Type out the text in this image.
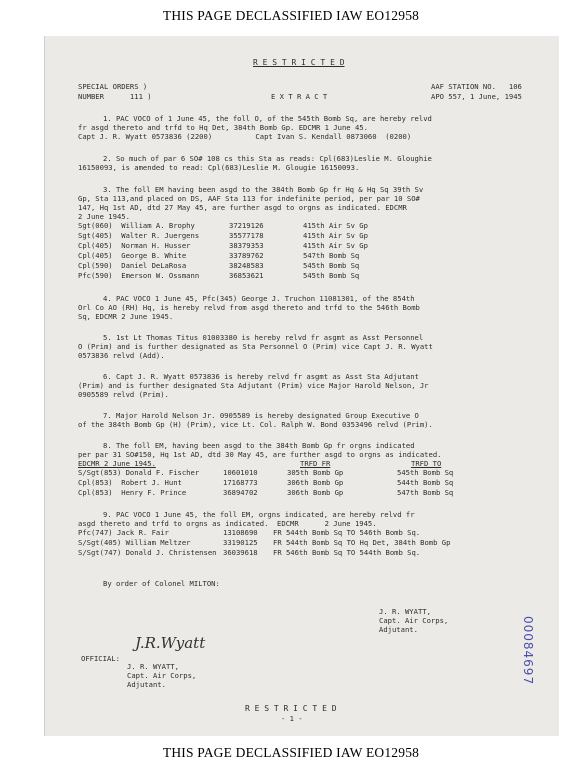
THIS PAGE DECLASSIFIED IAW EO12958
R E S T R I C T E D
SPECIAL ORDERS )	AAF STATION NO.   106
NUMBER      111 )	E X T R A C T	APO 557, 1 June, 1945
1. PAC VOCO of 1 June 45, the foll O, of the 545th Bomb Sq, are hereby relvd
fr asgd thereto and trfd to Hq Det, 384th Bomb Gp. EDCMR 1 June 45.
Capt J. R. Wyatt 0573836 (2200)          Capt Ivan S. Kendall 0873060  (0200)
2. So much of par 6 SO# 108 cs this Sta as reads: Cpl(683)Leslie M. Gloughie
16150093, is amended to read: Cpl(683)Leslie M. Glougie 16150093.
3. The foll EM having been asgd to the 384th Bomb Gp fr Hq & Hq Sq 39th Sv
Gp, Sta 113,and placed on DS, AAF Sta 113 for indefinite period, per par 10 SO#
147, Hq 1st AD, dtd 27 May 45, are further asgd to orgns as indicated. EDCMR
2 June 1945.
Sgt(060)  William A. Brophy	37219126	415th Air Sv Gp
Sgt(405)  Walter R. Juergens	35577178	415th Air Sv Gp
Cpl(405)  Norman H. Husser	38379353	415th Air Sv Gp
Cpl(405)  George B. White	33789762	547th Bomb Sq
Cpl(590)  Daniel DeLaRosa	38248583	545th Bomb Sq
Pfc(590)  Emerson W. Ossmann	36853621	545th Bomb Sq
4. PAC VOCO 1 June 45, Pfc(345) George J. Truchon 11081301, of the 854th
Orl Co AO (RH) Hq, is hereby relvd from asgd thereto and trfd to the 546th Bomb
Sq, EDCMR 2 June 1945.
5. 1st Lt Thomas Titus 01003380 is hereby relvd fr asgmt as Asst Personnel
O (Prim) and is further designated as Sta Personnel O (Prim) vice Capt J. R. Wyatt
0573836 relvd (Add).
6. Capt J. R. Wyatt 0573836 is hereby relvd fr asgmt as Asst Sta Adjutant
(Prim) and is further designated Sta Adjutant (Prim) vice Major Harold Nelson, Jr
0905589 relvd (Prim).
7. Major Harold Nelson Jr. 0905589 is hereby designated Group Executive O
of the 384th Bomb Gp (H) (Prim), vice Lt. Col. Ralph W. Bond 0353496 relvd (Prim).
8. The foll EM, having been asgd to the 384th Bomb Gp fr orgns indicated
per par 31 SO#150, Hq 1st AD, dtd 30 May 45, are further asgd to orgns as indicated.
EDCMR 2 June 1945.	TRFD FR	TRFD TO
S/Sgt(853) Donald F. Fischer	10601010	305th Bomb Gp	545th Bomb Sq
Cpl(853)  Robert J. Hunt	17168773	306th Bomb Gp	544th Bomb Sq
Cpl(853)  Henry F. Prince	36894702	306th Bomb Gp	547th Bomb Sq
9. PAC VOCO 1 June 45, the foll EM, orgns indicated, are hereby relvd fr
asgd thereto and trfd to orgns as indicated.  EDCMR      2 June 1945.
Pfc(747) Jack R. Fair	13108690 FR 544th Bomb Sq TO 546th Bomb Sq.
S/Sgt(405) William Meltzer	33190125 FR 544th Bomb Sq TO Hq Det, 384th Bomb Gp
S/Sgt(747) Donald J. Christensen 36039618 FR 546th Bomb Sq TO 544th Bomb Sq.
By order of Colonel MILTON:
J. R. WYATT,
Capt. Air Corps,
Adjutant.
OFFICIAL:
J.R.Wyatt
J. R. WYATT,
Capt. Air Corps,
Adjutant.
R E S T R I C T E D
- 1 -
00084697
THIS PAGE DECLASSIFIED IAW EO12958
